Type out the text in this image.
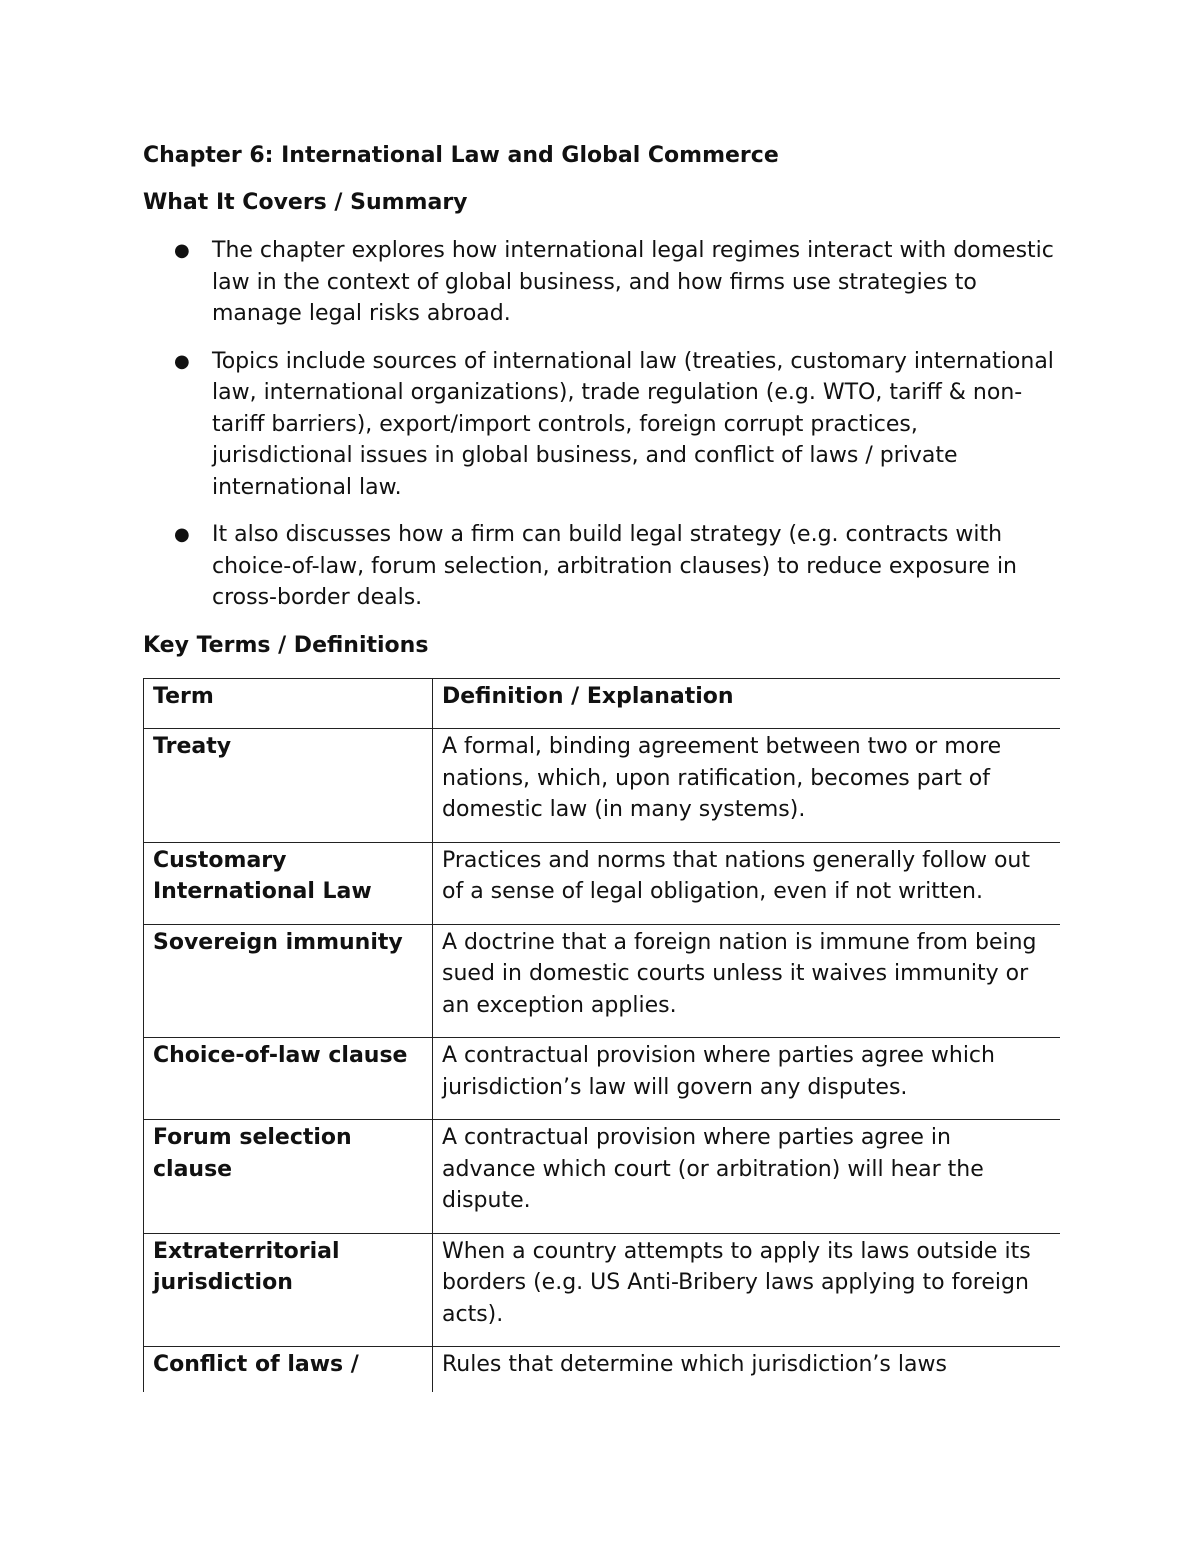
Chapter 6: International Law and Global Commerce

What It Covers / Summary

● The chapter explores how international legal regimes interact with domestic law in the context of global business, and how firms use strategies to manage legal risks abroad.
● Topics include sources of international law (treaties, customary international law, international organizations), trade regulation (e.g. WTO, tariff & non-tariff barriers), export/import controls, foreign corrupt practices, jurisdictional issues in global business, and conflict of laws / private international law.
● It also discusses how a firm can build legal strategy (e.g. contracts with choice-of-law, forum selection, arbitration clauses) to reduce exposure in cross-border deals.

Key Terms / Definitions

Term	Definition / Explanation
Treaty	A formal, binding agreement between two or more nations, which, upon ratification, becomes part of domestic law (in many systems).
Customary International Law	Practices and norms that nations generally follow out of a sense of legal obligation, even if not written.
Sovereign immunity	A doctrine that a foreign nation is immune from being sued in domestic courts unless it waives immunity or an exception applies.
Choice-of-law clause	A contractual provision where parties agree which jurisdiction’s law will govern any disputes.
Forum selection clause	A contractual provision where parties agree in advance which court (or arbitration) will hear the dispute.
Extraterritorial jurisdiction	When a country attempts to apply its laws outside its borders (e.g. US Anti-Bribery laws applying to foreign acts).
Conflict of laws /	Rules that determine which jurisdiction’s laws
